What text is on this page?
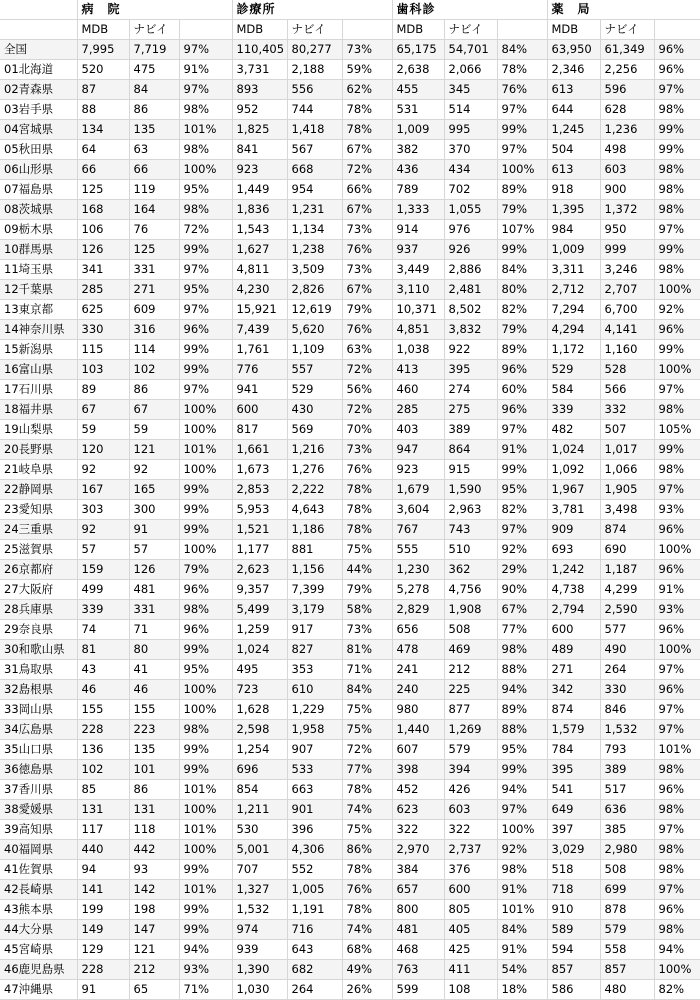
	病　院			診療所			歯科診			薬　局		
	MDB	ナビイ		MDB	ナビイ		MDB	ナビイ		MDB	ナビイ	
全国	7,995	7,719	97%	110,405	80,277	73%	65,175	54,701	84%	63,950	61,349	96%
01北海道	520	475	91%	3,731	2,188	59%	2,638	2,066	78%	2,346	2,256	96%
02青森県	87	84	97%	893	556	62%	455	345	76%	613	596	97%
03岩手県	88	86	98%	952	744	78%	531	514	97%	644	628	98%
04宮城県	134	135	101%	1,825	1,418	78%	1,009	995	99%	1,245	1,236	99%
05秋田県	64	63	98%	841	567	67%	382	370	97%	504	498	99%
06山形県	66	66	100%	923	668	72%	436	434	100%	613	603	98%
07福島県	125	119	95%	1,449	954	66%	789	702	89%	918	900	98%
08茨城県	168	164	98%	1,836	1,231	67%	1,333	1,055	79%	1,395	1,372	98%
09栃木県	106	76	72%	1,543	1,134	73%	914	976	107%	984	950	97%
10群馬県	126	125	99%	1,627	1,238	76%	937	926	99%	1,009	999	99%
11埼玉県	341	331	97%	4,811	3,509	73%	3,449	2,886	84%	3,311	3,246	98%
12千葉県	285	271	95%	4,230	2,826	67%	3,110	2,481	80%	2,712	2,707	100%
13東京都	625	609	97%	15,921	12,619	79%	10,371	8,502	82%	7,294	6,700	92%
14神奈川県	330	316	96%	7,439	5,620	76%	4,851	3,832	79%	4,294	4,141	96%
15新潟県	115	114	99%	1,761	1,109	63%	1,038	922	89%	1,172	1,160	99%
16富山県	103	102	99%	776	557	72%	413	395	96%	529	528	100%
17石川県	89	86	97%	941	529	56%	460	274	60%	584	566	97%
18福井県	67	67	100%	600	430	72%	285	275	96%	339	332	98%
19山梨県	59	59	100%	817	569	70%	403	389	97%	482	507	105%
20長野県	120	121	101%	1,661	1,216	73%	947	864	91%	1,024	1,017	99%
21岐阜県	92	92	100%	1,673	1,276	76%	923	915	99%	1,092	1,066	98%
22静岡県	167	165	99%	2,853	2,222	78%	1,679	1,590	95%	1,967	1,905	97%
23愛知県	303	300	99%	5,953	4,643	78%	3,604	2,963	82%	3,781	3,498	93%
24三重県	92	91	99%	1,521	1,186	78%	767	743	97%	909	874	96%
25滋賀県	57	57	100%	1,177	881	75%	555	510	92%	693	690	100%
26京都府	159	126	79%	2,623	1,156	44%	1,230	362	29%	1,242	1,187	96%
27大阪府	499	481	96%	9,357	7,399	79%	5,278	4,756	90%	4,738	4,299	91%
28兵庫県	339	331	98%	5,499	3,179	58%	2,829	1,908	67%	2,794	2,590	93%
29奈良県	74	71	96%	1,259	917	73%	656	508	77%	600	577	96%
30和歌山県	81	80	99%	1,024	827	81%	478	469	98%	489	490	100%
31鳥取県	43	41	95%	495	353	71%	241	212	88%	271	264	97%
32島根県	46	46	100%	723	610	84%	240	225	94%	342	330	96%
33岡山県	155	155	100%	1,628	1,229	75%	980	877	89%	874	846	97%
34広島県	228	223	98%	2,598	1,958	75%	1,440	1,269	88%	1,579	1,532	97%
35山口県	136	135	99%	1,254	907	72%	607	579	95%	784	793	101%
36徳島県	102	101	99%	696	533	77%	398	394	99%	395	389	98%
37香川県	85	86	101%	854	663	78%	452	426	94%	541	517	96%
38愛媛県	131	131	100%	1,211	901	74%	623	603	97%	649	636	98%
39高知県	117	118	101%	530	396	75%	322	322	100%	397	385	97%
40福岡県	440	442	100%	5,001	4,306	86%	2,970	2,737	92%	3,029	2,980	98%
41佐賀県	94	93	99%	707	552	78%	384	376	98%	518	508	98%
42長崎県	141	142	101%	1,327	1,005	76%	657	600	91%	718	699	97%
43熊本県	199	198	99%	1,532	1,191	78%	800	805	101%	910	878	96%
44大分県	149	147	99%	974	716	74%	481	405	84%	589	579	98%
45宮崎県	129	121	94%	939	643	68%	468	425	91%	594	558	94%
46鹿児島県	228	212	93%	1,390	682	49%	763	411	54%	857	857	100%
47沖縄県	91	65	71%	1,030	264	26%	599	108	18%	586	480	82%
